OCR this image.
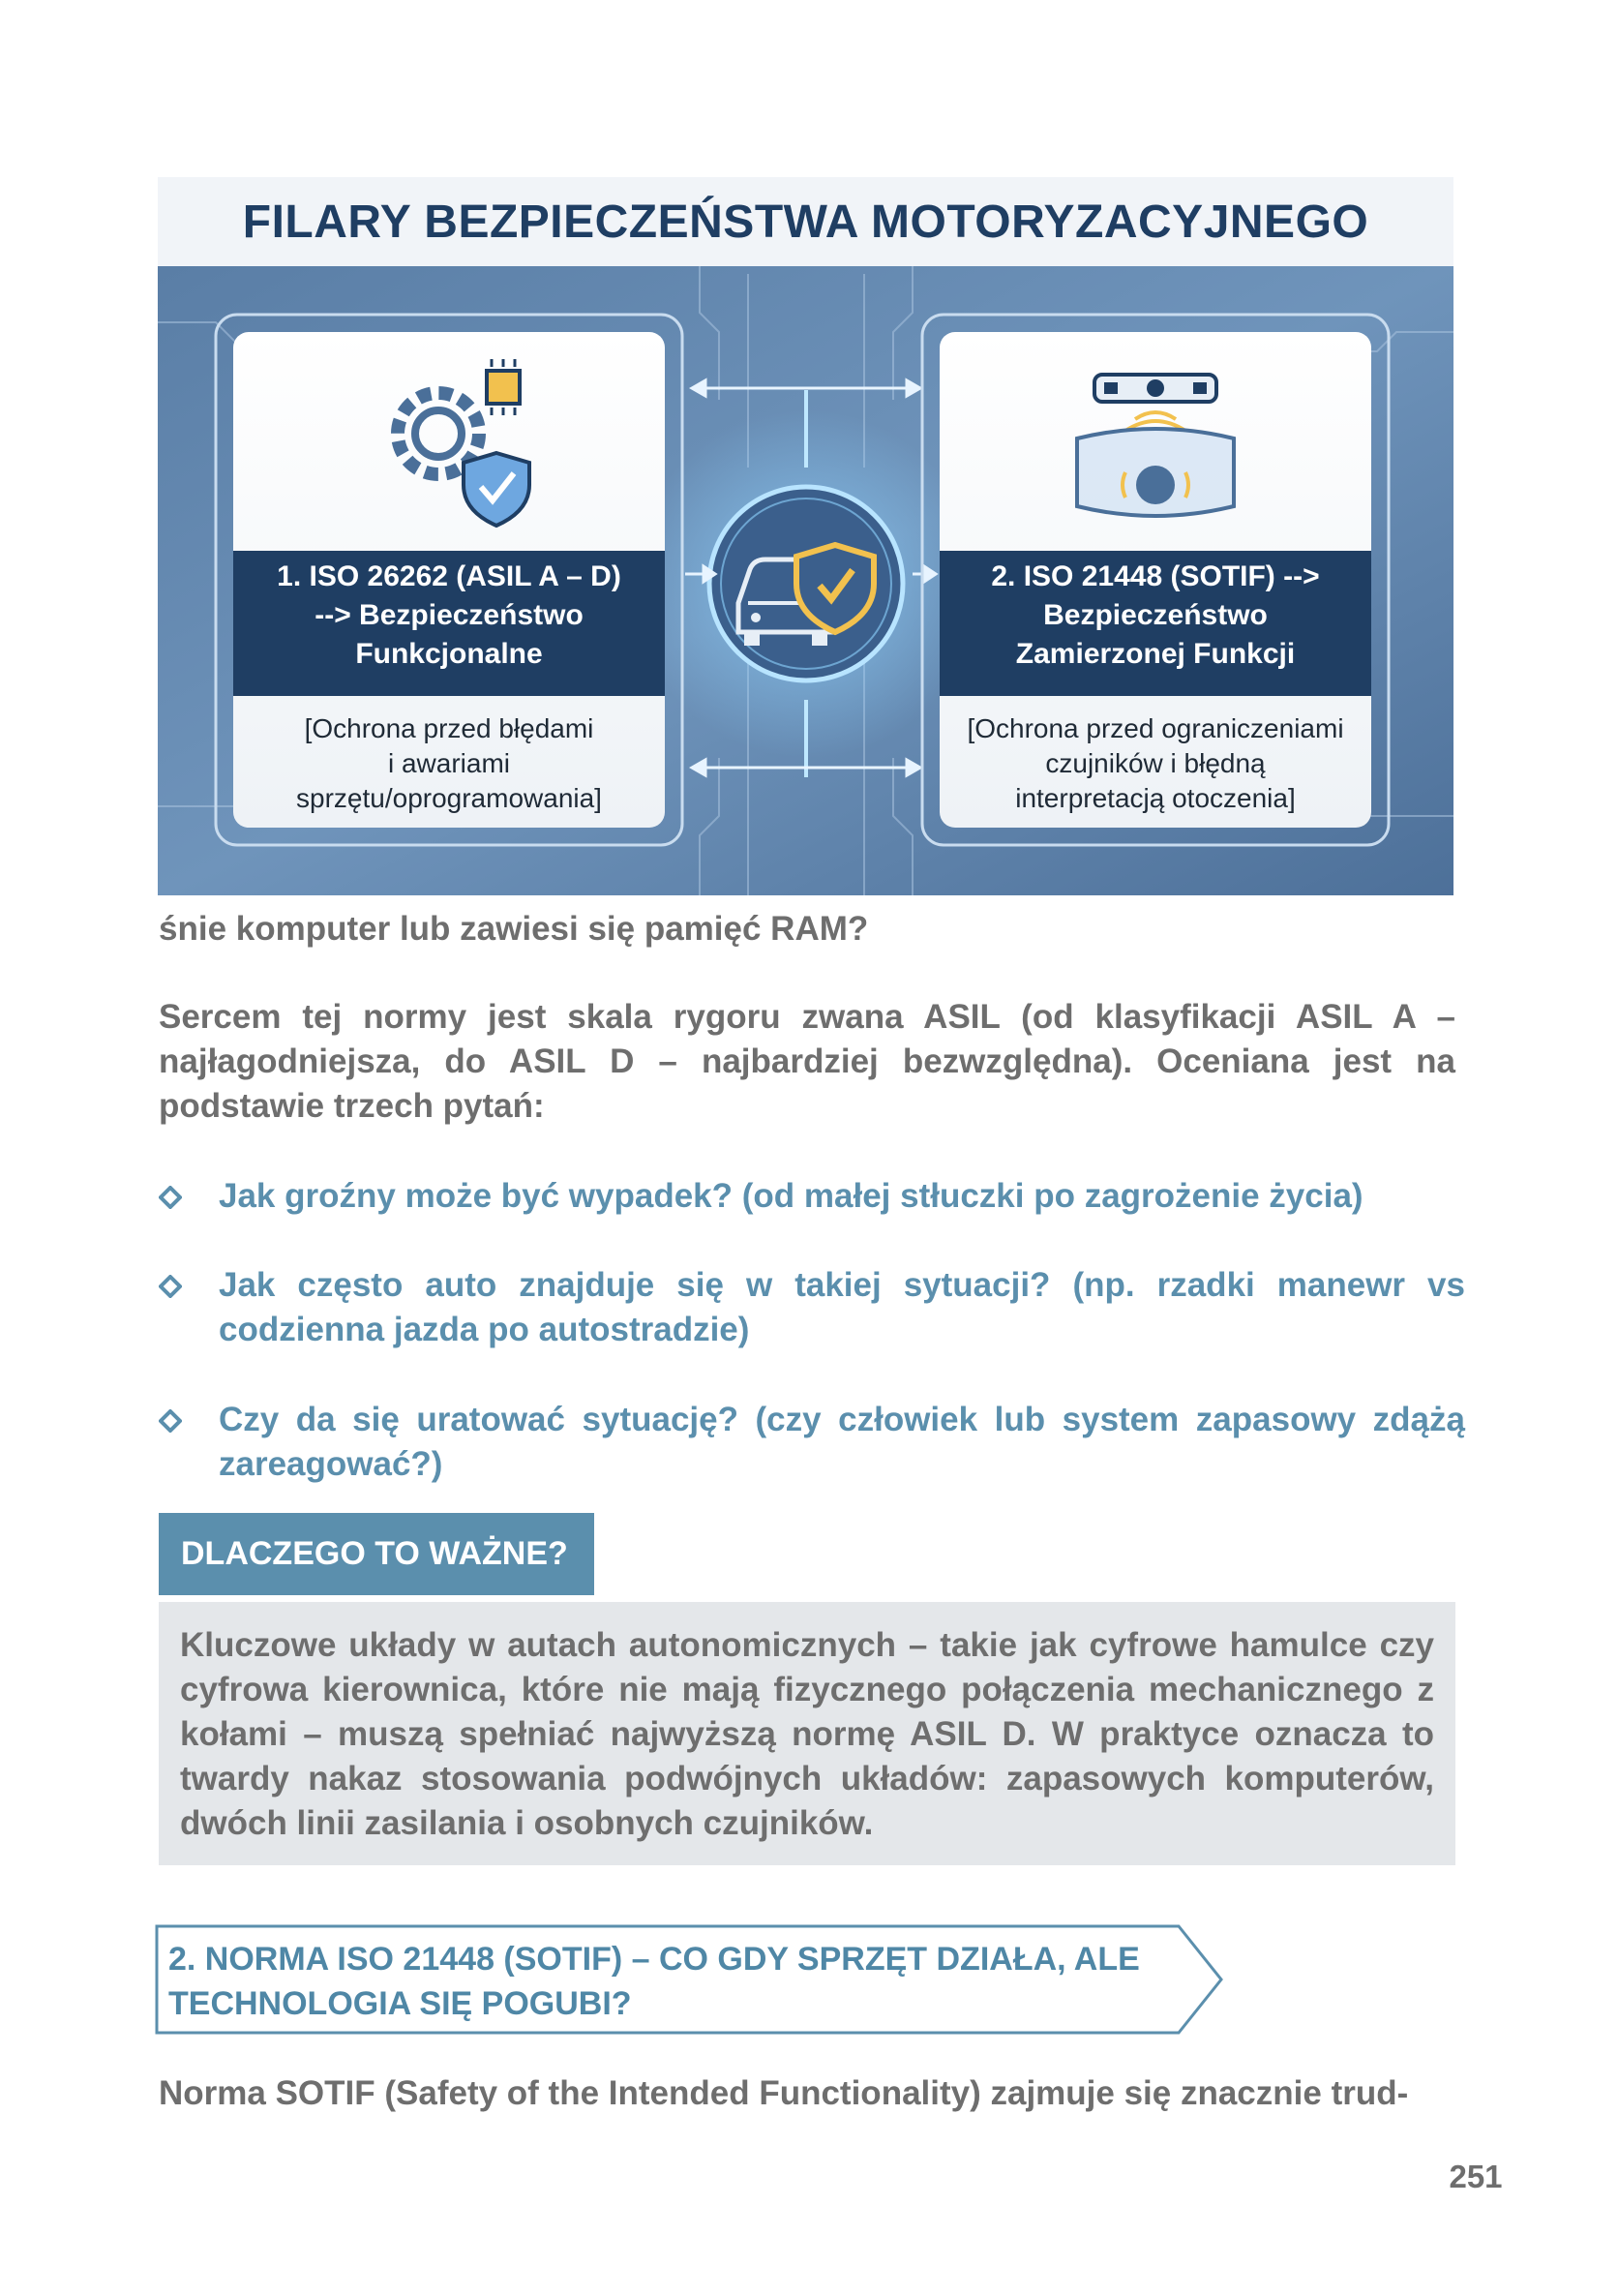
FILARY BEZPIECZEŃSTWA MOTORYZACYJNEGO
1. ISO 26262 (ASIL A – D)
--> Bezpieczeństwo
Funkcjonalne
2. ISO 21448 (SOTIF) -->
Bezpieczeństwo
Zamierzonej Funkcji
[Ochrona przed błędami
i awariami
sprzętu/oprogramowania]
[Ochrona przed ograniczeniami
czujników i błędną
interpretacją otoczenia]

śnie komputer lub zawiesi się pamięć RAM?

Sercem tej normy jest skala rygoru zwana ASIL (od klasyfikacji ASIL A – najłagodniejsza, do ASIL D – najbardziej bezwzględna). Oceniana jest na podstawie trzech pytań:

Jak groźny może być wypadek? (od małej stłuczki po zagrożenie życia)
Jak często auto znajduje się w takiej sytuacji? (np. rzadki manewr vs codzienna jazda po autostradzie)
Czy da się uratować sytuację? (czy człowiek lub system zapasowy zdążą zareagować?)
DLACZEGO TO WAŻNE?

Kluczowe układy w autach autonomicznych – takie jak cyfrowe hamulce czy cyfrowa kierownica, które nie mają fizycznego połączenia mechanicznego z kołami – muszą spełniać najwyższą normę ASIL D. W praktyce oznacza to twardy nakaz stosowania podwójnych układów: zapasowych komputerów, dwóch linii zasilania i osobnych czujników.

2. NORMA ISO 21448 (SOTIF) – CO GDY SPRZĘT DZIAŁA, ALE
TECHNOLOGIA SIĘ POGUBI?

Norma SOTIF (Safety of the Intended Functionality) zajmuje się znacznie trud-

251
